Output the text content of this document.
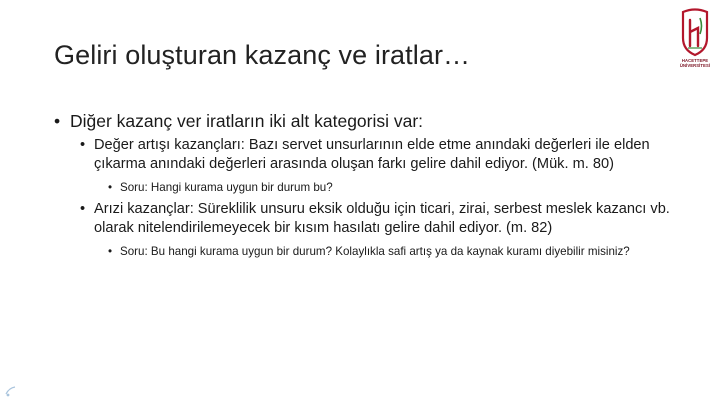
Geliri oluşturan kazanç ve iratlar…	HACETTEPE
ÜNİVERSİTESİ
• Diğer kazanç ver iratların iki alt kategorisi var:
• Değer artışı kazançları: Bazı servet unsurlarının elde etme anındaki değerleri ile elden çıkarma anındaki değerleri arasında oluşan farkı gelire dahil ediyor. (Mük. m. 80)
• Soru: Hangi kurama uygun bir durum bu?
• Arızi kazançlar: Süreklilik unsuru eksik olduğu için ticari, zirai, serbest meslek kazancı vb. olarak nitelendirilemeyecek bir kısım hasılatı gelire dahil ediyor. (m. 82)
• Soru: Bu hangi kurama uygun bir durum? Kolaylıkla safi artış ya da kaynak kuramı diyebilir misiniz?
